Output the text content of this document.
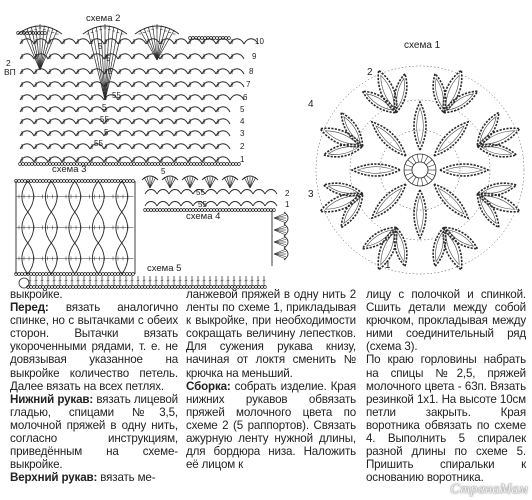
схема 2
2
ВП
10
9
8
7
6
5
4
3
2
1
5
5
5
55
5
55
5
55
схема 3	5
55	2
55	1
схема 4
схема 5
схема 1
2
4
3
1

выкройке.

Перед: вязать аналогично спинке, но с вытачками с обеих сторон. Вытачки вязать укороченными рядами, т. е. не довязывая указанное на выкройке количество петель. Далее вязать на всех петлях.

Нижний рукав: вязать лицевой гладью, спицами №3,5, молочной пряжей в одну нить, согласно инструкциям, приведённым на схеме-выкройке.

Верхний рукав: вязать ме-

ланжевой пряжей в одну нить 2 ленты по схеме 1, прикладывая к выкройке, при необходимости сокращать величину лепестков. Для сужения рукава книзу, начиная от локтя сменить № крючка на меньший.

Сборка: собрать изделие. Края нижних рукавов обвязать пряжей молочного цвета по схеме 2 (5 раппортов). Связать ажурную ленту нужной длины, для бордюра низа. Наложить её лицом к

лицу с полочкой и спинкой. Сшить детали между собой крючком, прокладывая между ними соединительный ряд (схема 3).

По краю горловины набрать на спицы №2,5, пряжей молочного цвета - 63п. Вязать резинкой 1х1. На высоте 10см петли закрыть. Края воротника обвязать по схеме 4. Выполнить 5 спиралек разной длины по схеме 5. Пришить спиральки к основанию воротника.

СтранаМам
